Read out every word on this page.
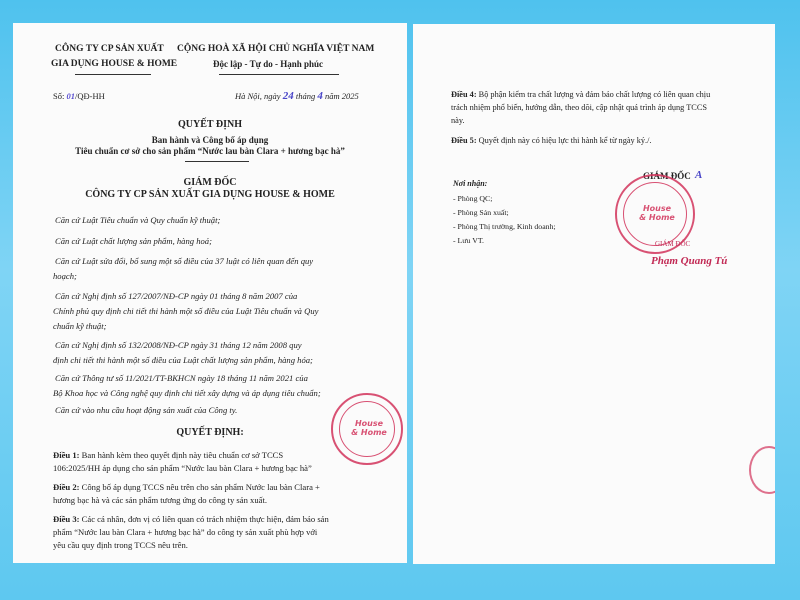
CÔNG TY CP SẢN XUẤT
GIA DỤNG HOUSE & HOME
CỘNG HOÀ XÃ HỘI CHỦ NGHĨA VIỆT NAM
Độc lập - Tự do - Hạnh phúc
Số: 01/QĐ-HH	Hà Nội, ngày 24 tháng 4 năm 2025
QUYẾT ĐỊNH
Ban hành và Công bố áp dụng
Tiêu chuẩn cơ sở cho sản phẩm “Nước lau bàn Clara + hương bạc hà”
GIÁM ĐỐC
CÔNG TY CP SẢN XUẤT GIA DỤNG HOUSE & HOME
Căn cứ Luật Tiêu chuẩn và Quy chuẩn kỹ thuật;
Căn cứ Luật chất lượng sản phẩm, hàng hoá;
Căn cứ Luật sửa đổi, bổ sung một số điều của 37 luật có liên quan đến quy
hoạch;
Căn cứ Nghị định số 127/2007/NĐ-CP ngày 01 tháng 8 năm 2007 của
Chính phủ quy định chi tiết thi hành một số điều của Luật Tiêu chuẩn và Quy
chuẩn kỹ thuật;
Căn cứ Nghị định số 132/2008/NĐ-CP ngày 31 tháng 12 năm 2008 quy
định chi tiết thi hành một số điều của Luật chất lượng sản phẩm, hàng hóa;
Căn cứ Thông tư số 11/2021/TT-BKHCN ngày 18 tháng 11 năm 2021 của
Bộ Khoa học và Công nghệ quy định chi tiết xây dựng và áp dụng tiêu chuẩn;
Căn cứ vào nhu cầu hoạt động sản xuất của Công ty.
QUYẾT ĐỊNH:
Điều 1: Ban hành kèm theo quyết định này tiêu chuẩn cơ sở TCCS
106:2025/HH áp dụng cho sản phẩm “Nước lau bàn Clara + hương bạc hà”
Điều 2: Công bố áp dụng TCCS nêu trên cho sản phẩm Nước lau bàn Clara +
hương bạc hà và các sản phẩm tương ứng do công ty sản xuất.
Điều 3: Các cá nhân, đơn vị có liên quan có trách nhiệm thực hiện, đảm bảo sản
phẩm “Nước lau bàn Clara + hương bạc hà” do công ty sản xuất phù hợp với
yêu cầu quy định trong TCCS nêu trên.
House
& Home
Điều 4: Bộ phận kiểm tra chất lượng và đảm bảo chất lượng có liên quan chịu
trách nhiệm phổ biến, hướng dẫn, theo dõi, cập nhật quá trình áp dụng TCCS
này.
Điều 5: Quyết định này có hiệu lực thi hành kể từ ngày ký./.
GIÁM ĐỐC A
Nơi nhận:
- Phòng QC;
- Phòng Sản xuất;
- Phòng Thị trường, Kinh doanh;
- Lưu VT.
House
& Home
GIÁM ĐỐC
Phạm Quang Tú
